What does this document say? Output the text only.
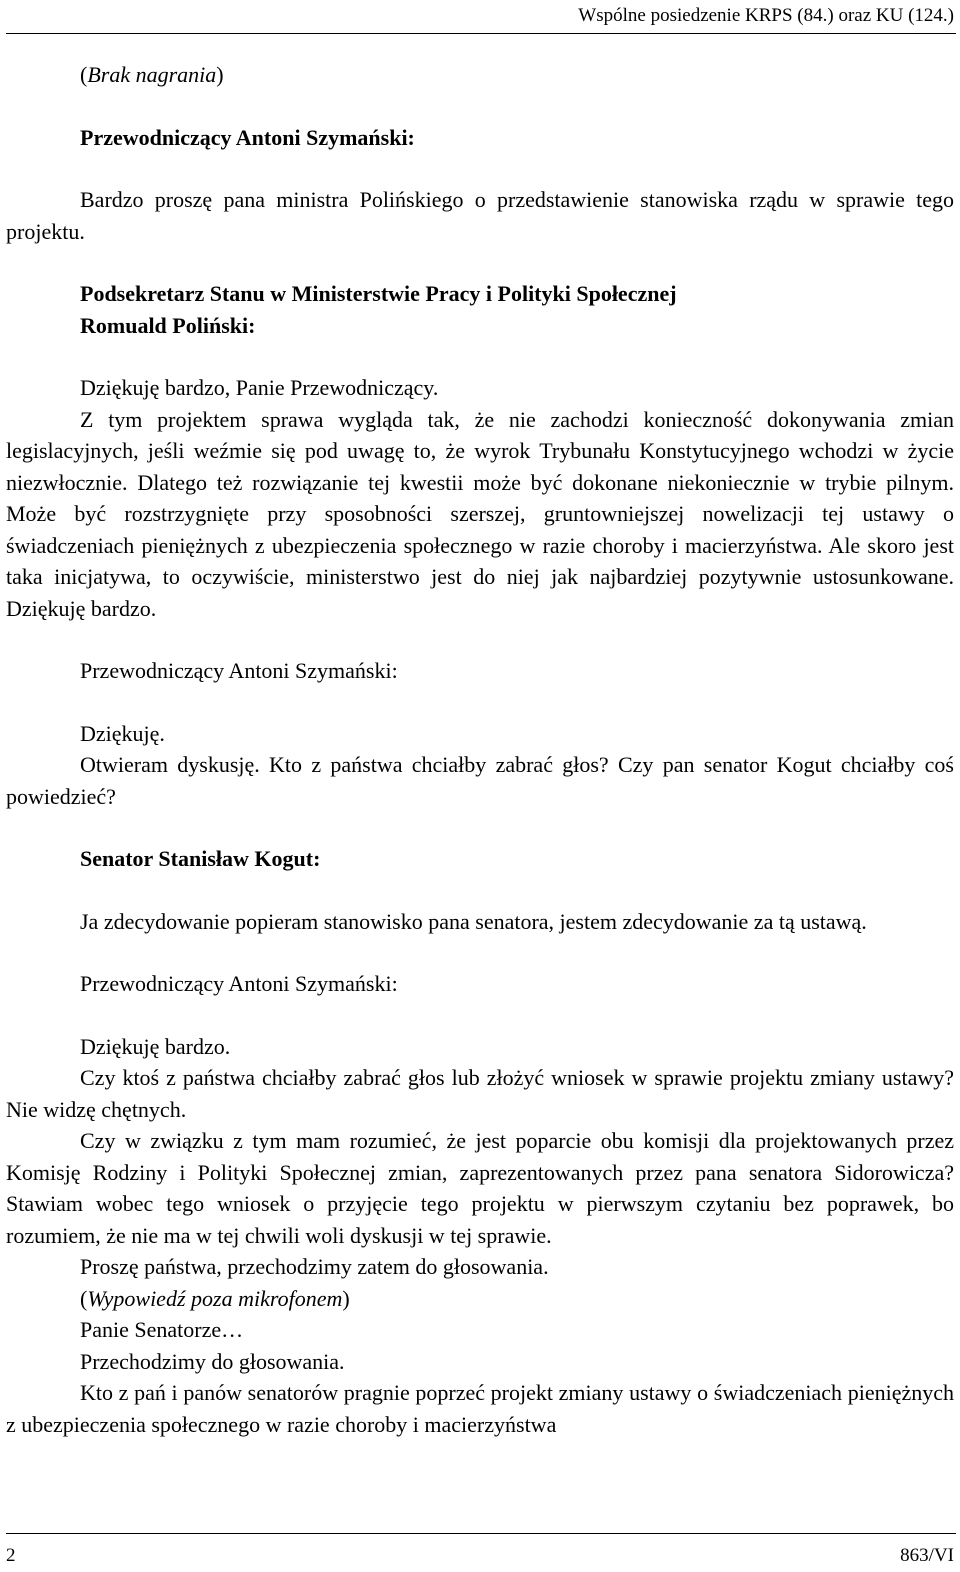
Wspólne posiedzenie KRPS (84.) oraz KU (124.)

(Brak nagrania)

Przewodniczący Antoni Szymański:

Bardzo proszę pana ministra Polińskiego o przedstawienie stanowiska rządu w sprawie tego projektu.

Podsekretarz Stanu w Ministerstwie Pracy i Polityki Społecznej
Romuald Poliński:

Dziękuję bardzo, Panie Przewodniczący.

Z tym projektem sprawa wygląda tak, że nie zachodzi konieczność dokonywania zmian legislacyjnych, jeśli weźmie się pod uwagę to, że wyrok Trybunału Konstytucyjnego wchodzi w życie niezwłocznie. Dlatego też rozwiązanie tej kwestii może być dokonane niekoniecznie w trybie pilnym. Może być rozstrzygnięte przy sposobności szerszej, gruntowniejszej nowelizacji tej ustawy o świadczeniach pieniężnych z ubezpieczenia społecznego w razie choroby i macierzyństwa. Ale skoro jest taka inicjatywa, to oczywiście, ministerstwo jest do niej jak najbardziej pozytywnie ustosunkowane. Dziękuję bardzo.

Przewodniczący Antoni Szymański:

Dziękuję.

Otwieram dyskusję. Kto z państwa chciałby zabrać głos? Czy pan senator Kogut chciałby coś powiedzieć?

Senator Stanisław Kogut:

Ja zdecydowanie popieram stanowisko pana senatora, jestem zdecydowanie za tą ustawą.

Przewodniczący Antoni Szymański:

Dziękuję bardzo.

Czy ktoś z państwa chciałby zabrać głos lub złożyć wniosek w sprawie projektu zmiany ustawy? Nie widzę chętnych.

Czy w związku z tym mam rozumieć, że jest poparcie obu komisji dla projektowanych przez Komisję Rodziny i Polityki Społecznej zmian, zaprezentowanych przez pana senatora Sidorowicza? Stawiam wobec tego wniosek o przyjęcie tego projektu w pierwszym czytaniu bez poprawek, bo rozumiem, że nie ma w tej chwili woli dyskusji w tej sprawie.

Proszę państwa, przechodzimy zatem do głosowania.

(Wypowiedź poza mikrofonem)

Panie Senatorze…

Przechodzimy do głosowania.

Kto z pań i panów senatorów pragnie poprzeć projekt zmiany ustawy o świadczeniach pieniężnych z ubezpieczenia społecznego w razie choroby i macierzyństwa

2	863/VI
